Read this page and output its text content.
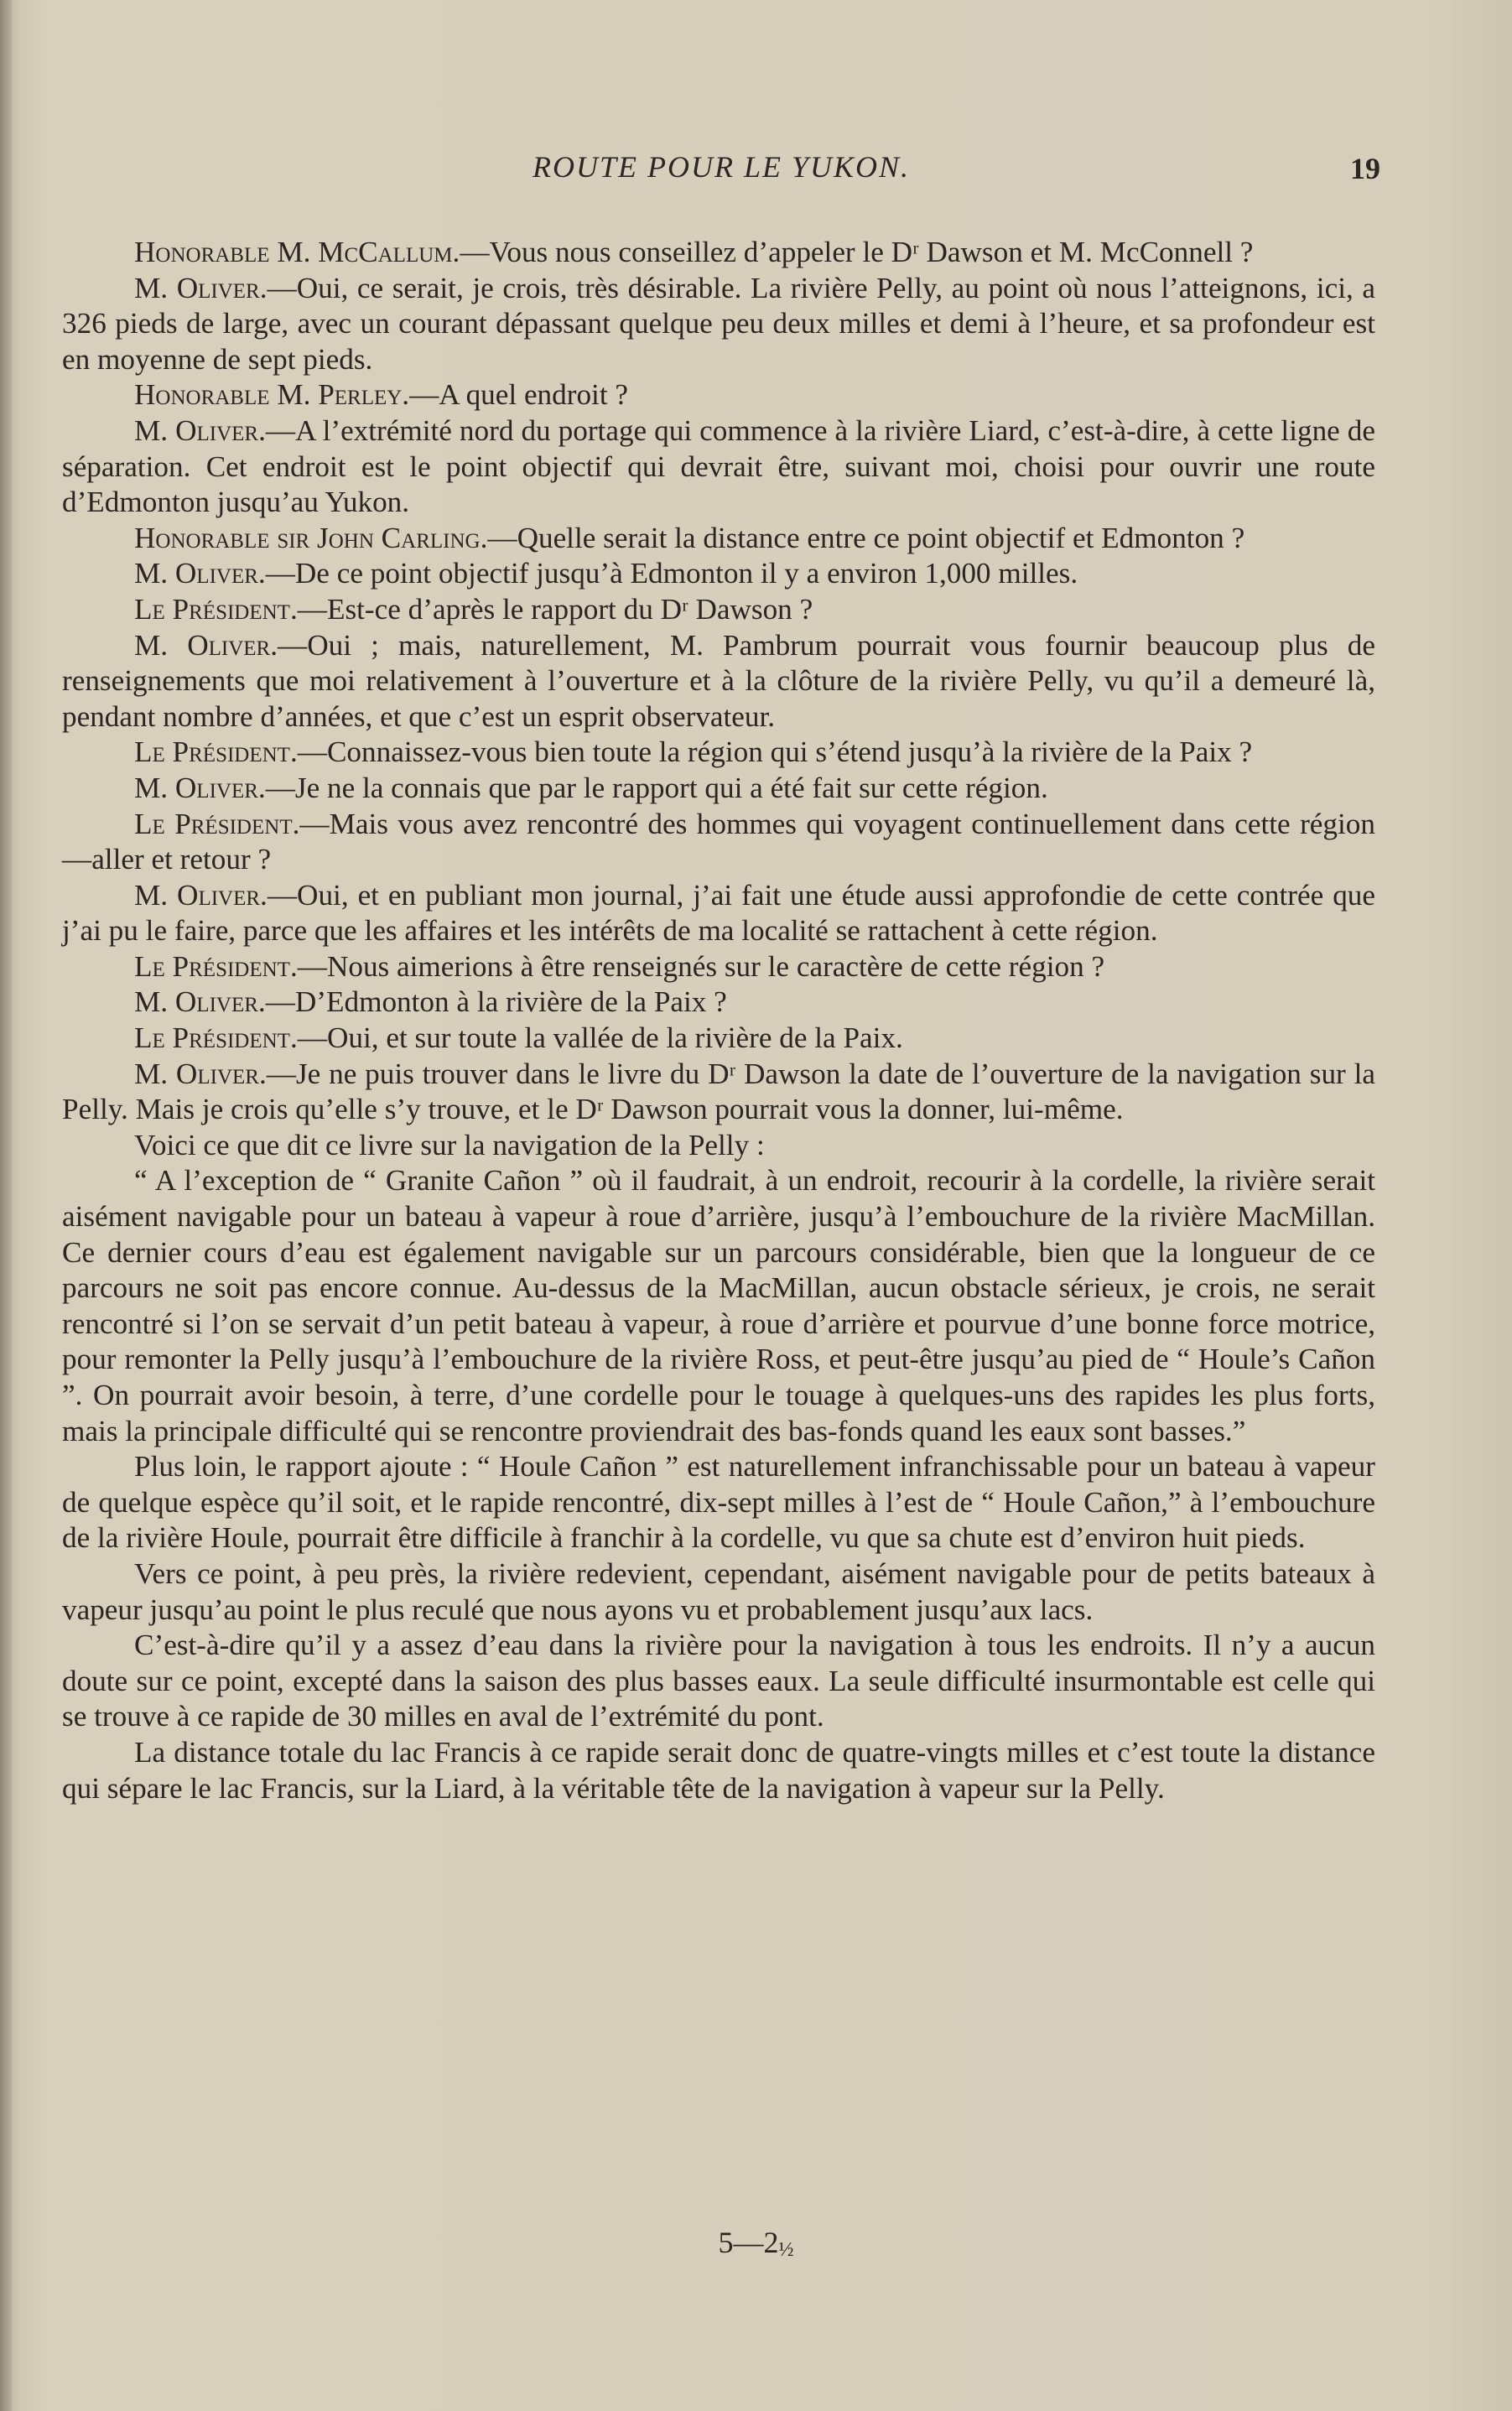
ROUTE POUR LE YUKON.	19

Honorable M. McCallum.—Vous nous conseillez d’appeler le Dʳ Dawson et M. McConnell ?

M. Oliver.—Oui, ce serait, je crois, très désirable. La rivière Pelly, au point où nous l’atteignons, ici, a 326 pieds de large, avec un courant dépassant quelque peu deux milles et demi à l’heure, et sa profondeur est en moyenne de sept pieds.

Honorable M. Perley.—A quel endroit ?

M. Oliver.—A l’extrémité nord du portage qui commence à la rivière Liard, c’est-à-dire, à cette ligne de séparation. Cet endroit est le point objectif qui devrait être, suivant moi, choisi pour ouvrir une route d’Edmonton jusqu’au Yukon.

Honorable sir John Carling.—Quelle serait la distance entre ce point objectif et Edmonton ?

M. Oliver.—De ce point objectif jusqu’à Edmonton il y a environ 1,000 milles.

Le Président.—Est-ce d’après le rapport du Dʳ Dawson ?

M. Oliver.—Oui ; mais, naturellement, M. Pambrum pourrait vous fournir beaucoup plus de renseignements que moi relativement à l’ouverture et à la clôture de la rivière Pelly, vu qu’il a demeuré là, pendant nombre d’années, et que c’est un esprit observateur.

Le Président.—Connaissez-vous bien toute la région qui s’étend jusqu’à la rivière de la Paix ?

M. Oliver.—Je ne la connais que par le rapport qui a été fait sur cette région.

Le Président.—Mais vous avez rencontré des hommes qui voyagent continuellement dans cette région—aller et retour ?

M. Oliver.—Oui, et en publiant mon journal, j’ai fait une étude aussi approfondie de cette contrée que j’ai pu le faire, parce que les affaires et les intérêts de ma localité se rattachent à cette région.

Le Président.—Nous aimerions à être renseignés sur le caractère de cette région ?

M. Oliver.—D’Edmonton à la rivière de la Paix ?

Le Président.—Oui, et sur toute la vallée de la rivière de la Paix.

M. Oliver.—Je ne puis trouver dans le livre du Dʳ Dawson la date de l’ouverture de la navigation sur la Pelly. Mais je crois qu’elle s’y trouve, et le Dʳ Dawson pourrait vous la donner, lui-même.

Voici ce que dit ce livre sur la navigation de la Pelly :

“ A l’exception de “ Granite Cañon ” où il faudrait, à un endroit, recourir à la cordelle, la rivière serait aisément navigable pour un bateau à vapeur à roue d’arrière, jusqu’à l’embouchure de la rivière MacMillan. Ce dernier cours d’eau est également navigable sur un parcours considérable, bien que la longueur de ce parcours ne soit pas encore connue. Au-dessus de la MacMillan, aucun obstacle sérieux, je crois, ne serait rencontré si l’on se servait d’un petit bateau à vapeur, à roue d’arrière et pourvue d’une bonne force motrice, pour remonter la Pelly jusqu’à l’embouchure de la rivière Ross, et peut-être jusqu’au pied de “ Houle’s Cañon ”. On pourrait avoir besoin, à terre, d’une cordelle pour le touage à quelques-uns des rapides les plus forts, mais la principale difficulté qui se rencontre proviendrait des bas-fonds quand les eaux sont basses.”

Plus loin, le rapport ajoute : “ Houle Cañon ” est naturellement infranchissable pour un bateau à vapeur de quelque espèce qu’il soit, et le rapide rencontré, dix-sept milles à l’est de “ Houle Cañon,” à l’embouchure de la rivière Houle, pourrait être difficile à franchir à la cordelle, vu que sa chute est d’environ huit pieds.

Vers ce point, à peu près, la rivière redevient, cependant, aisément navigable pour de petits bateaux à vapeur jusqu’au point le plus reculé que nous ayons vu et probablement jusqu’aux lacs.

C’est-à-dire qu’il y a assez d’eau dans la rivière pour la navigation à tous les endroits. Il n’y a aucun doute sur ce point, excepté dans la saison des plus basses eaux. La seule difficulté insurmontable est celle qui se trouve à ce rapide de 30 milles en aval de l’extrémité du pont.

La distance totale du lac Francis à ce rapide serait donc de quatre-vingts milles et c’est toute la distance qui sépare le lac Francis, sur la Liard, à la véritable tête de la navigation à vapeur sur la Pelly.

5—2½
